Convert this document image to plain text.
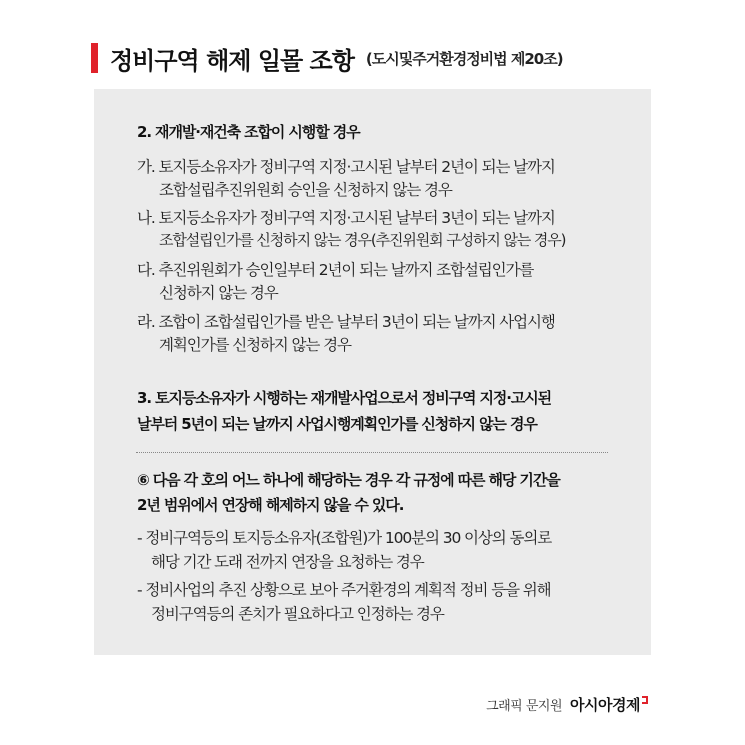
정비구역 해제 일몰 조항 (도시및주거환경정비법 제20조)
2. 재개발·재건축 조합이 시행할 경우
가. 토지등소유자가 정비구역 지정·고시된 날부터 2년이 되는 날까지
조합설립추진위원회 승인을 신청하지 않는 경우
나. 토지등소유자가 정비구역 지정·고시된 날부터 3년이 되는 날까지
조합설립인가를 신청하지 않는 경우(추진위원회 구성하지 않는 경우)
다. 추진위원회가 승인일부터 2년이 되는 날까지 조합설립인가를
신청하지 않는 경우
라. 조합이 조합설립인가를 받은 날부터 3년이 되는 날까지 사업시행
계획인가를 신청하지 않는 경우
3. 토지등소유자가 시행하는 재개발사업으로서 정비구역 지정·고시된
날부터 5년이 되는 날까지 사업시행계획인가를 신청하지 않는 경우
⑥ 다음 각 호의 어느 하나에 해당하는 경우 각 규정에 따른 해당 기간을
2년 범위에서 연장해 해제하지 않을 수 있다.
- 정비구역등의 토지등소유자(조합원)가 100분의 30 이상의 동의로
해당 기간 도래 전까지 연장을 요청하는 경우
- 정비사업의 추진 상황으로 보아 주거환경의 계획적 정비 등을 위해
정비구역등의 존치가 필요하다고 인정하는 경우
그래픽 문지원 아시아경제
